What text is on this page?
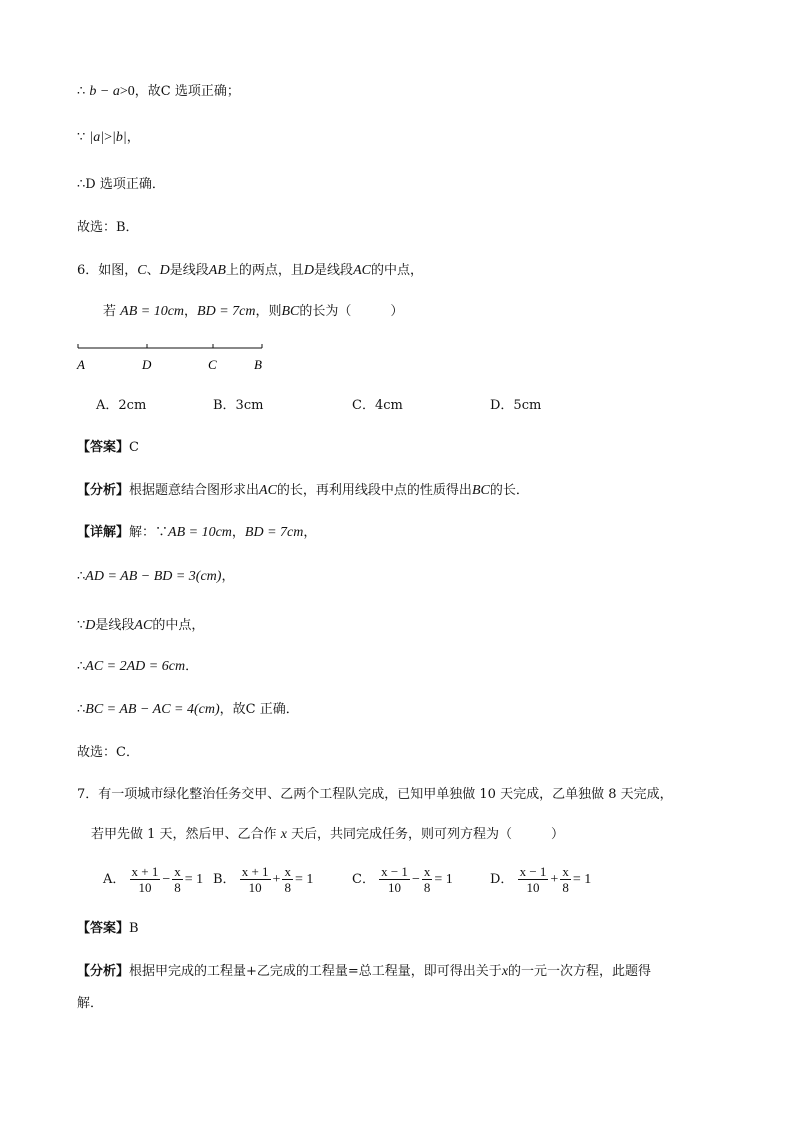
∴ b − a>0，故C 选项正确；
∵ |a|>|b|，
∴D 选项正确．
故选：B．
6．如图，C、D是线段AB上的两点，且D是线段AC的中点，
若 AB = 10cm，BD = 7cm，则BC的长为（　　　）
A	D	C	B
A．2cm	B．3cm	C．4cm	D．5cm
【答案】C
【分析】根据题意结合图形求出AC的长，再利用线段中点的性质得出BC的长．
【详解】解：∵AB = 10cm，BD = 7cm，
∴AD = AB − BD = 3(cm)，
∵D是线段AC的中点，
∴AC = 2AD = 6cm．
∴BC = AB − AC = 4(cm)，故C 正确．
故选：C．
7．有一项城市绿化整治任务交甲、乙两个工程队完成，已知甲单独做 10 天完成，乙单独做 8 天完成，
若甲先做 1 天，然后甲、乙合作 x 天后，共同完成任务，则可列方程为（　　　）
A． $\frac{x + 1}{10} - \frac{x}{8} = 1$ B． $\frac{x + 1}{10} + \frac{x}{8} = 1$	C． $\frac{x - 1}{10} - \frac{x}{8} = 1$	D． $\frac{x - 1}{10} + \frac{x}{8} = 1$
【答案】B
【分析】根据甲完成的工程量+乙完成的工程量=总工程量，即可得出关于x的一元一次方程，此题得
解．
